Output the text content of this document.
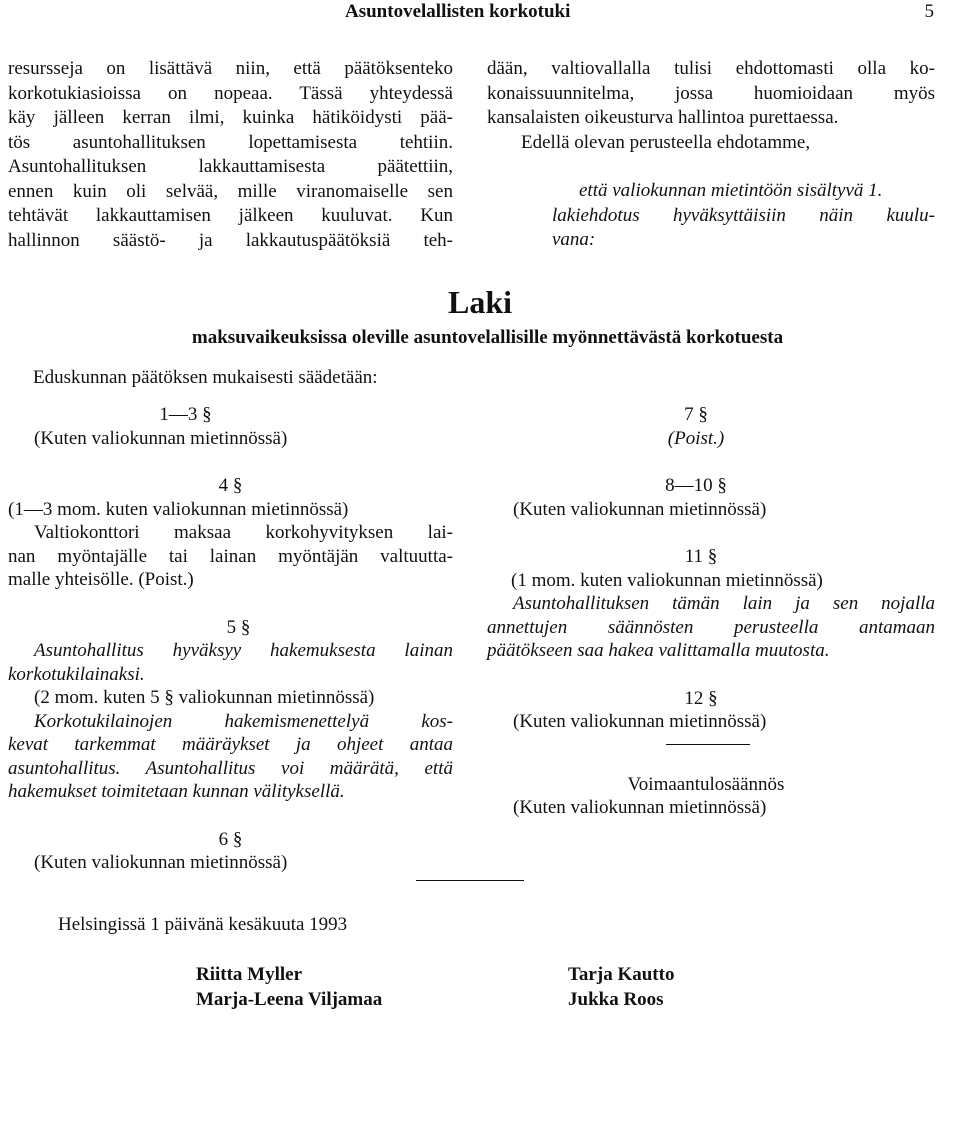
Asuntovelallisten korkotuki	5

resursseja on lisättävä niin, että päätöksenteko

korkotukiasioissa on nopeaa. Tässä yhteydessä

käy jälleen kerran ilmi, kuinka hätiköidysti pää-

tös asuntohallituksen lopettamisesta tehtiin.

Asuntohallituksen lakkauttamisesta päätettiin,

ennen kuin oli selvää, mille viranomaiselle sen

tehtävät lakkauttamisen jälkeen kuuluvat. Kun

hallinnon säästö- ja lakkautuspäätöksiä teh-

dään, valtiovallalla tulisi ehdottomasti olla ko-

konaissuunnitelma, jossa huomioidaan myös

kansalaisten oikeusturva hallintoa purettaessa.

Edellä olevan perusteella ehdotamme,

että valiokunnan mietintöön sisältyvä 1.

lakiehdotus hyväksyttäisiin näin kuulu-

vana:

Laki
maksuvaikeuksissa oleville asuntovelallisille myönnettävästä korkotuesta
Eduskunnan päätöksen mukaisesti säädetään:
1—3 §

(Kuten valiokunnan mietinnössä)

4 §

(1—3 mom. kuten valiokunnan mietinnössä)

Valtiokonttori maksaa korkohyvityksen lai-

nan myöntajälle tai lainan myöntäjän valtuutta-

malle yhteisölle. (Poist.)

5 §

Asuntohallitus hyväksyy hakemuksesta lainan

korkotukilainaksi.

(2 mom. kuten 5 § valiokunnan mietinnössä)

Korkotukilainojen hakemismenettelyä kos-

kevat tarkemmat määräykset ja ohjeet antaa

asuntohallitus. Asuntohallitus voi määrätä, että

hakemukset toimitetaan kunnan välityksellä.

6 §

(Kuten valiokunnan mietinnössä)

7 §
(Poist.)
8—10 §

(Kuten valiokunnan mietinnössä)

11 §

(1 mom. kuten valiokunnan mietinnössä)

Asuntohallituksen tämän lain ja sen nojalla

annettujen säännösten perusteella antamaan

päätökseen saa hakea valittamalla muutosta.

12 §

(Kuten valiokunnan mietinnössä)

Voimaantulosäännös

(Kuten valiokunnan mietinnössä)

Helsingissä 1 päivänä kesäkuuta 1993
Riitta Myller
Marja-Leena Viljamaa
Tarja Kautto
Jukka Roos
